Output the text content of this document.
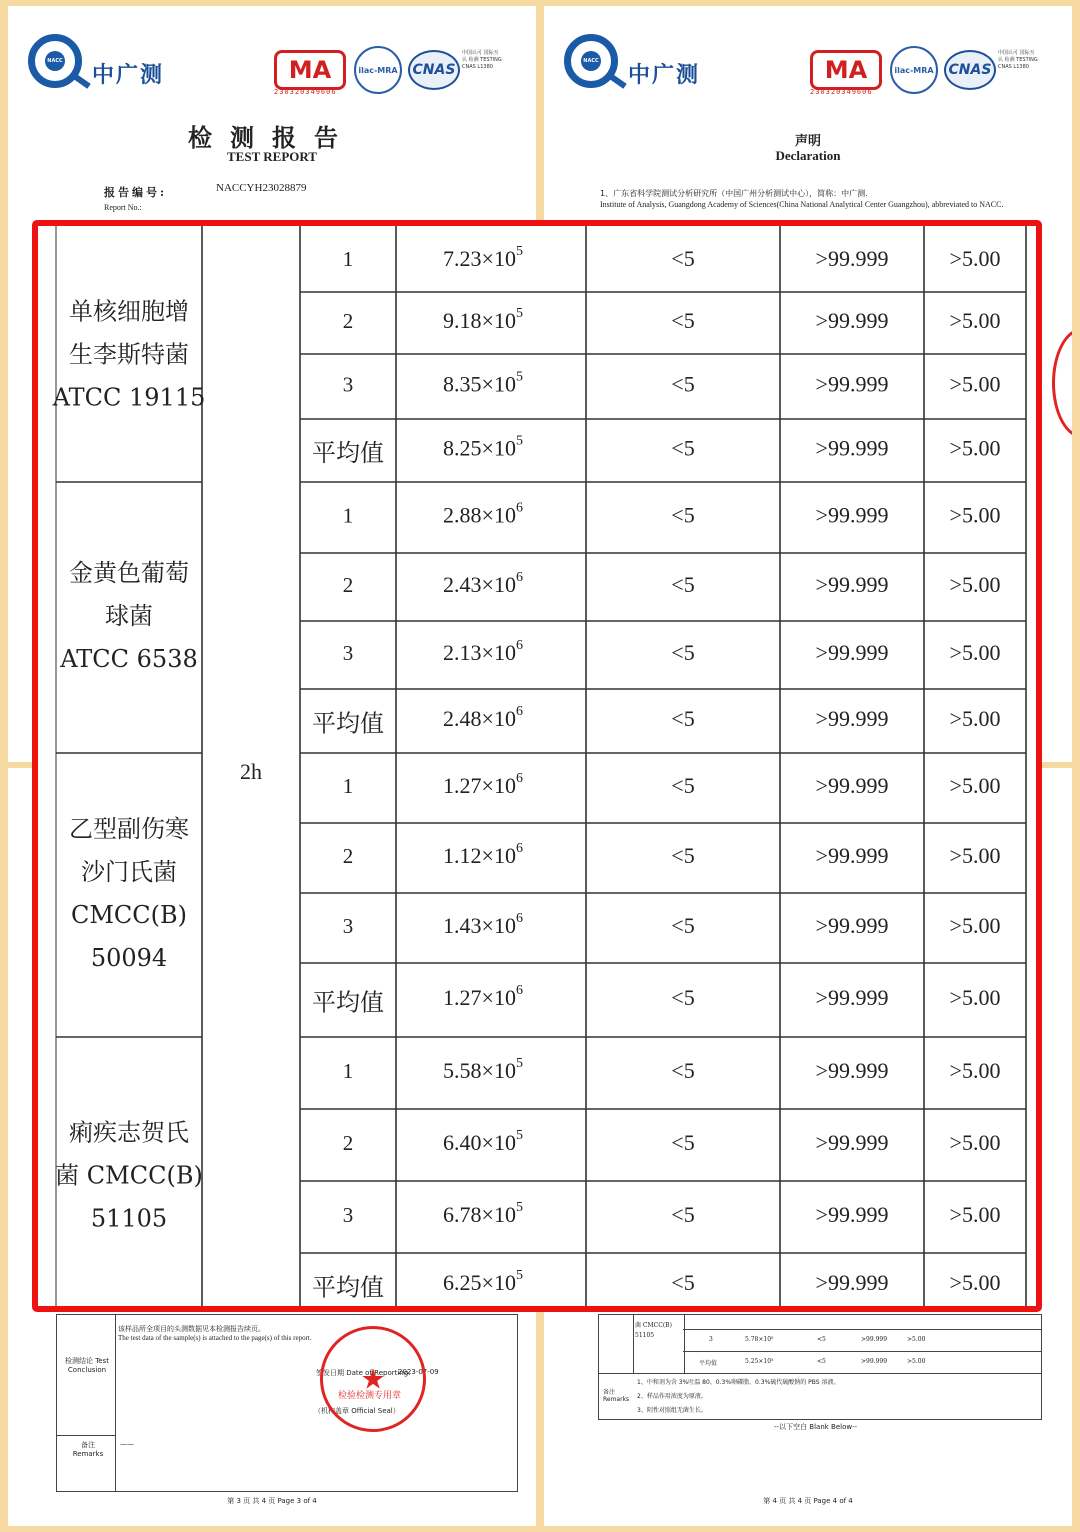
NACC
中广测	MA
230320349606
ilac-MRA	CNAS
中国认可 国际互认 检测 TESTING CNAS L1380
检测报告
TEST REPORT
报告编号:
Report No.:
NACCYH23028879
NACC
中广测	MA
230320349606
ilac-MRA	CNAS
中国认可 国际互认 检测 TESTING CNAS L1380
声明
Declaration
1、广东省科学院测试分析研究所（中国广州分析测试中心），简称：中广测.
Institute of Analysis, Guangdong Academy of Sciences(China National Analytical Center Guangzhou), abbreviated to NACC.
该样品所全项目的头测数据见本检测报告续页。
The test data of the sample(s) is attached to the page(s) of this report.
检测结论 Test Conclusion	签发日期 Date of Reporting:
2023-07-09
（机构盖章 Official Seal）
备注 Remarks
——
★
检验检测专用章
第 3 页 共 4 页 Page 3 of 4
菌 CMCC(B) 51105
3	5.78×10⁵	<5	>99.999	>5.00
平均值	5.25×10⁵	<5	>99.999	>5.00
备注 Remarks
1、中和剂为含 3%吐温 80、0.3%卵磷脂、0.3%硫代硫酸钠的 PBS 溶液。
2、样品作用浓度为原液。
3、阴性对照组无菌生长。
--以下空白 Blank Below--
第 4 页 共 4 页 Page 4 of 4
2h
单核细胞增
生李斯特菌
ATCC 19115
1	$7.23\times 10^5$	<5	>99.999	>5.00
2	$9.18\times 10^5$	<5	>99.999	>5.00
3	$8.35\times 10^5$	<5	>99.999	>5.00
平均值	$8.25\times 10^5$	<5	>99.999	>5.00
金黄色葡萄
球菌
ATCC 6538
1	$2.88\times 10^6$	<5	>99.999	>5.00
2	$2.43\times 10^6$	<5	>99.999	>5.00
3	$2.13\times 10^6$	<5	>99.999	>5.00
平均值	$2.48\times 10^6$	<5	>99.999	>5.00
乙型副伤寒
沙门氏菌
CMCC(B)
50094
1	$1.27\times 10^6$	<5	>99.999	>5.00
2	$1.12\times 10^6$	<5	>99.999	>5.00
3	$1.43\times 10^6$	<5	>99.999	>5.00
平均值	$1.27\times 10^6$	<5	>99.999	>5.00
痢疾志贺氏
菌 CMCC(B)
51105
1	$5.58\times 10^5$	<5	>99.999	>5.00
2	$6.40\times 10^5$	<5	>99.999	>5.00
3	$6.78\times 10^5$	<5	>99.999	>5.00
平均值	$6.25\times 10^5$	<5	>99.999	>5.00
